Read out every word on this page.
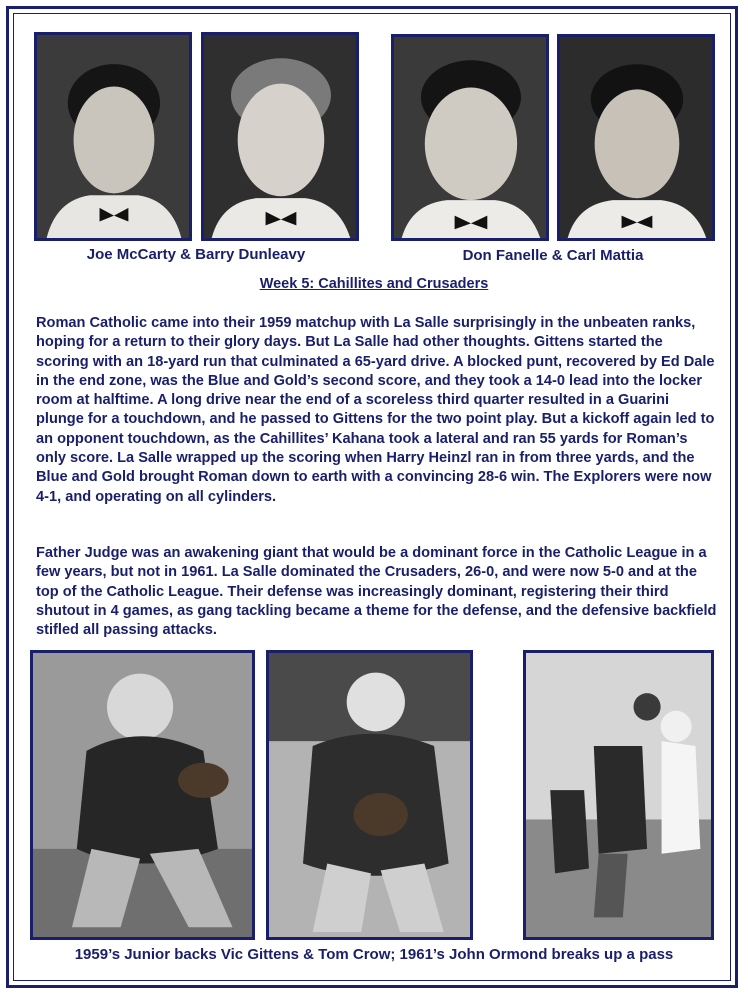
Joe McCarty & Barry Dunleavy	Don Fanelle & Carl Mattia
Week 5: Cahillites and Crusaders

Roman Catholic came into their 1959 matchup with La Salle surprisingly in the unbeaten ranks, hoping for a return to their glory days. But La Salle had other thoughts. Gittens started the scoring with an 18-yard run that culminated a 65-yard drive. A blocked punt, recovered by Ed Dale in the end zone, was the Blue and Gold’s second score, and they took a 14-0 lead into the locker room at halftime. A long drive near the end of a scoreless third quarter resulted in a Guarini plunge for a touchdown, and he passed to Gittens for the two point play. But a kickoff again led to an opponent touchdown, as the Cahillites’ Kahana took a lateral and ran 55 yards for Roman’s only score. La Salle wrapped up the scoring when Harry Heinzl ran in from three yards, and the Blue and Gold brought Roman down to earth with a convincing 28-6 win. The Explorers were now 4-1, and operating on all cylinders.

Father Judge was an awakening giant that would be a dominant force in the Catholic League in a few years, but not in 1961. La Salle dominated the Crusaders, 26-0, and were now 5-0 and at the top of the Catholic League. Their defense was increasingly dominant, registering their third shutout in 4 games, as gang tackling became a theme for the defense, and the defensive backfield stifled all passing attacks.

1959’s Junior backs Vic Gittens & Tom Crow; 1961’s John Ormond breaks up a pass
